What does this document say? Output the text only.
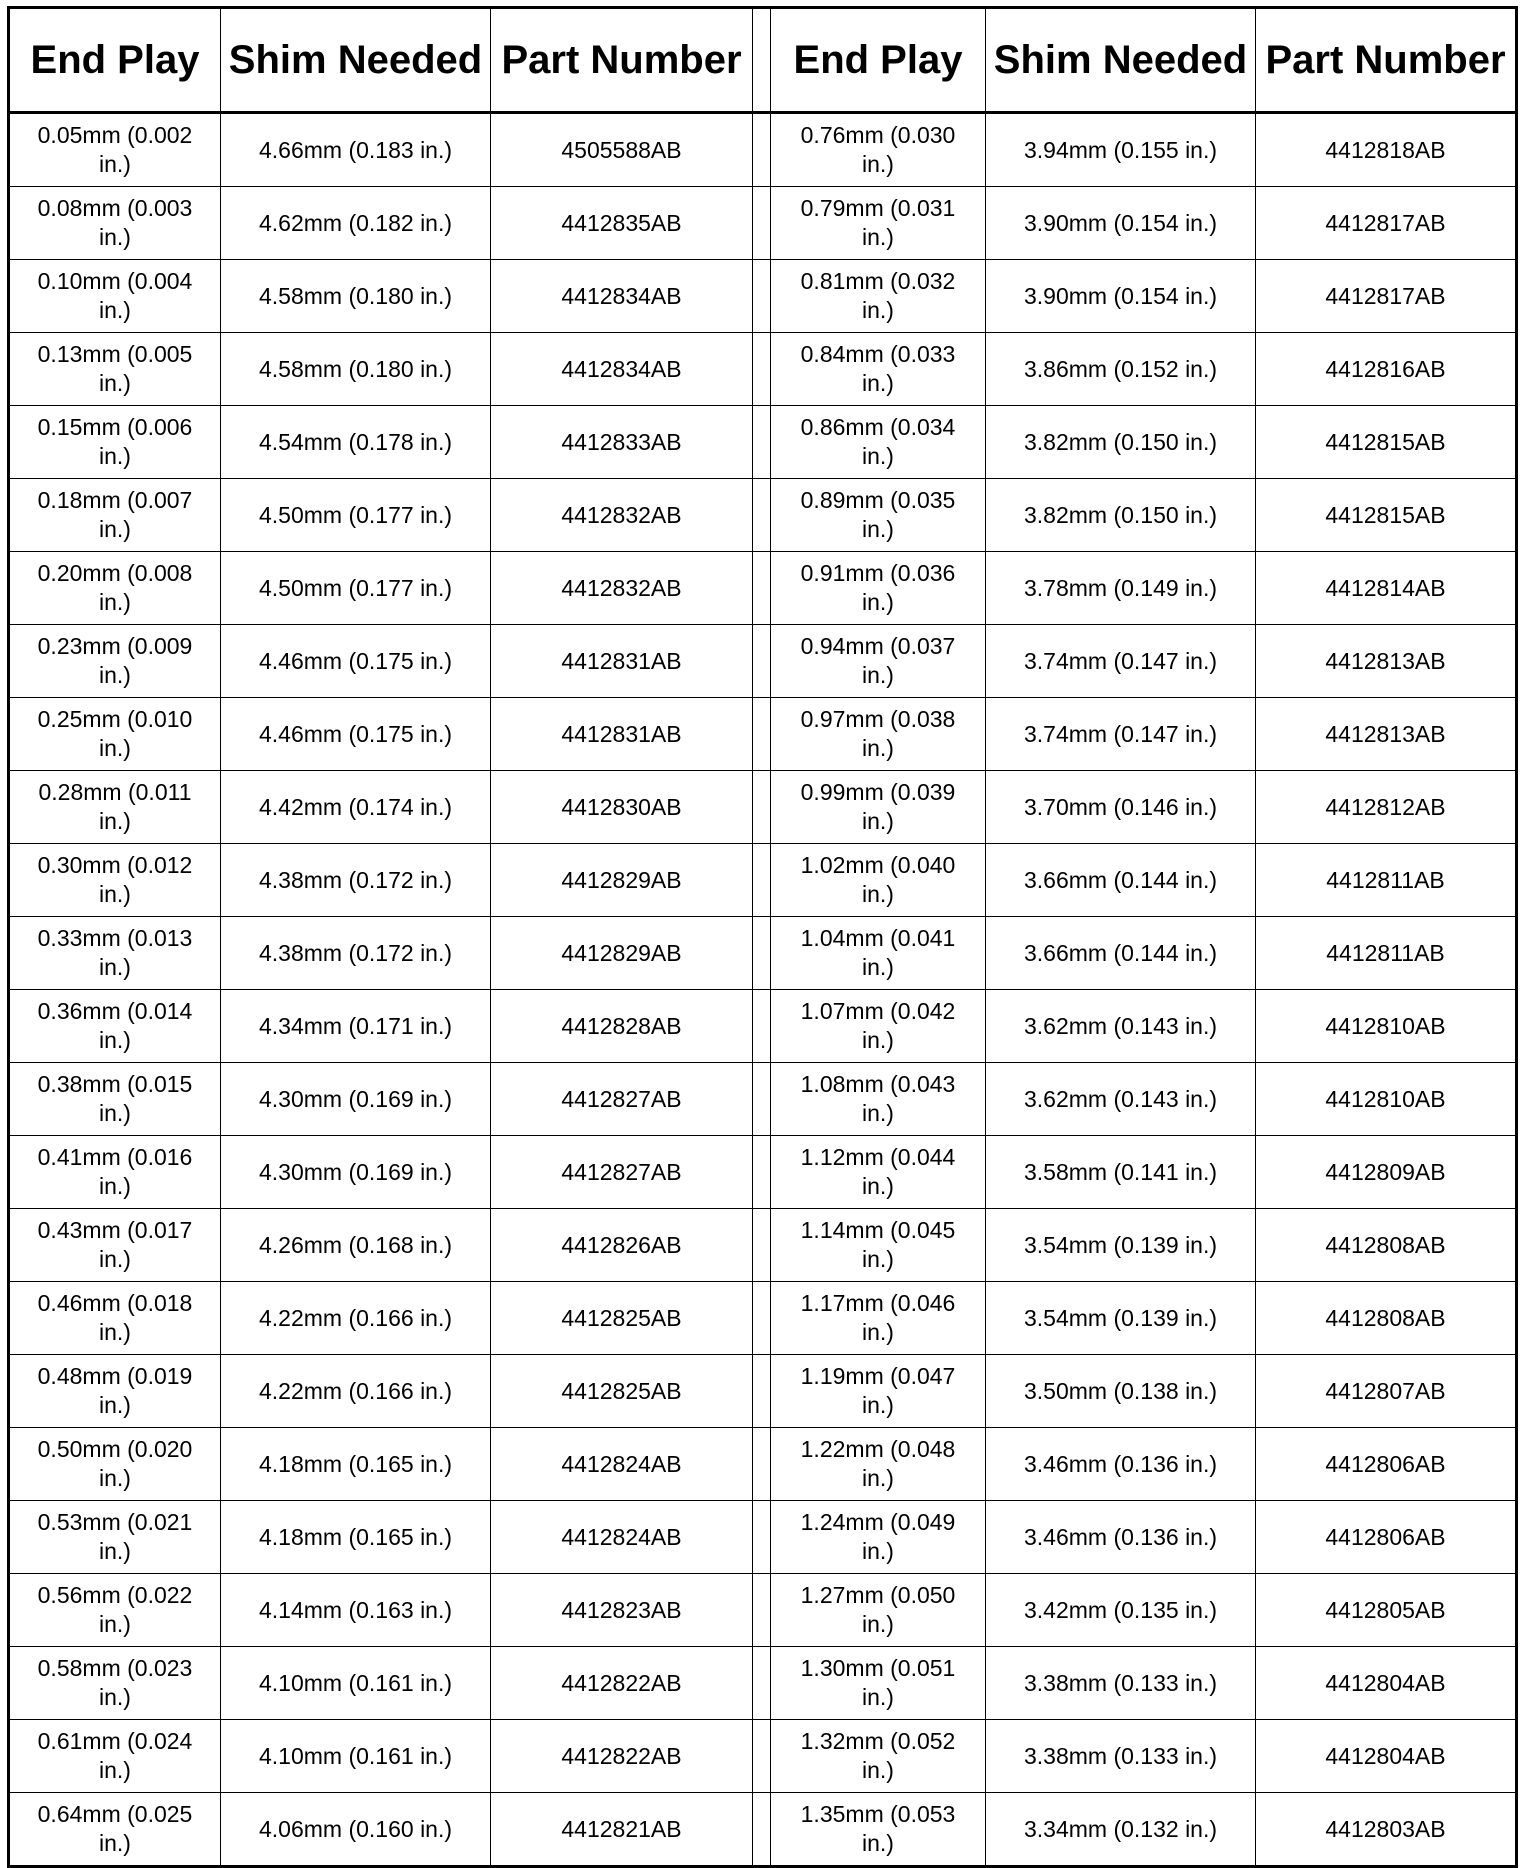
End Play	Shim Needed	Part Number		End Play	Shim Needed	Part Number
0.05mm (0.002 in.)	4.66mm (0.183 in.)	4505588AB		0.76mm (0.030 in.)	3.94mm (0.155 in.)	4412818AB
0.08mm (0.003 in.)	4.62mm (0.182 in.)	4412835AB		0.79mm (0.031 in.)	3.90mm (0.154 in.)	4412817AB
0.10mm (0.004 in.)	4.58mm (0.180 in.)	4412834AB		0.81mm (0.032 in.)	3.90mm (0.154 in.)	4412817AB
0.13mm (0.005 in.)	4.58mm (0.180 in.)	4412834AB		0.84mm (0.033 in.)	3.86mm (0.152 in.)	4412816AB
0.15mm (0.006 in.)	4.54mm (0.178 in.)	4412833AB		0.86mm (0.034 in.)	3.82mm (0.150 in.)	4412815AB
0.18mm (0.007 in.)	4.50mm (0.177 in.)	4412832AB		0.89mm (0.035 in.)	3.82mm (0.150 in.)	4412815AB
0.20mm (0.008 in.)	4.50mm (0.177 in.)	4412832AB		0.91mm (0.036 in.)	3.78mm (0.149 in.)	4412814AB
0.23mm (0.009 in.)	4.46mm (0.175 in.)	4412831AB		0.94mm (0.037 in.)	3.74mm (0.147 in.)	4412813AB
0.25mm (0.010 in.)	4.46mm (0.175 in.)	4412831AB		0.97mm (0.038 in.)	3.74mm (0.147 in.)	4412813AB
0.28mm (0.011 in.)	4.42mm (0.174 in.)	4412830AB		0.99mm (0.039 in.)	3.70mm (0.146 in.)	4412812AB
0.30mm (0.012 in.)	4.38mm (0.172 in.)	4412829AB		1.02mm (0.040 in.)	3.66mm (0.144 in.)	4412811AB
0.33mm (0.013 in.)	4.38mm (0.172 in.)	4412829AB		1.04mm (0.041 in.)	3.66mm (0.144 in.)	4412811AB
0.36mm (0.014 in.)	4.34mm (0.171 in.)	4412828AB		1.07mm (0.042 in.)	3.62mm (0.143 in.)	4412810AB
0.38mm (0.015 in.)	4.30mm (0.169 in.)	4412827AB		1.08mm (0.043 in.)	3.62mm (0.143 in.)	4412810AB
0.41mm (0.016 in.)	4.30mm (0.169 in.)	4412827AB		1.12mm (0.044 in.)	3.58mm (0.141 in.)	4412809AB
0.43mm (0.017 in.)	4.26mm (0.168 in.)	4412826AB		1.14mm (0.045 in.)	3.54mm (0.139 in.)	4412808AB
0.46mm (0.018 in.)	4.22mm (0.166 in.)	4412825AB		1.17mm (0.046 in.)	3.54mm (0.139 in.)	4412808AB
0.48mm (0.019 in.)	4.22mm (0.166 in.)	4412825AB		1.19mm (0.047 in.)	3.50mm (0.138 in.)	4412807AB
0.50mm (0.020 in.)	4.18mm (0.165 in.)	4412824AB		1.22mm (0.048 in.)	3.46mm (0.136 in.)	4412806AB
0.53mm (0.021 in.)	4.18mm (0.165 in.)	4412824AB		1.24mm (0.049 in.)	3.46mm (0.136 in.)	4412806AB
0.56mm (0.022 in.)	4.14mm (0.163 in.)	4412823AB		1.27mm (0.050 in.)	3.42mm (0.135 in.)	4412805AB
0.58mm (0.023 in.)	4.10mm (0.161 in.)	4412822AB		1.30mm (0.051 in.)	3.38mm (0.133 in.)	4412804AB
0.61mm (0.024 in.)	4.10mm (0.161 in.)	4412822AB		1.32mm (0.052 in.)	3.38mm (0.133 in.)	4412804AB
0.64mm (0.025 in.)	4.06mm (0.160 in.)	4412821AB		1.35mm (0.053 in.)	3.34mm (0.132 in.)	4412803AB
